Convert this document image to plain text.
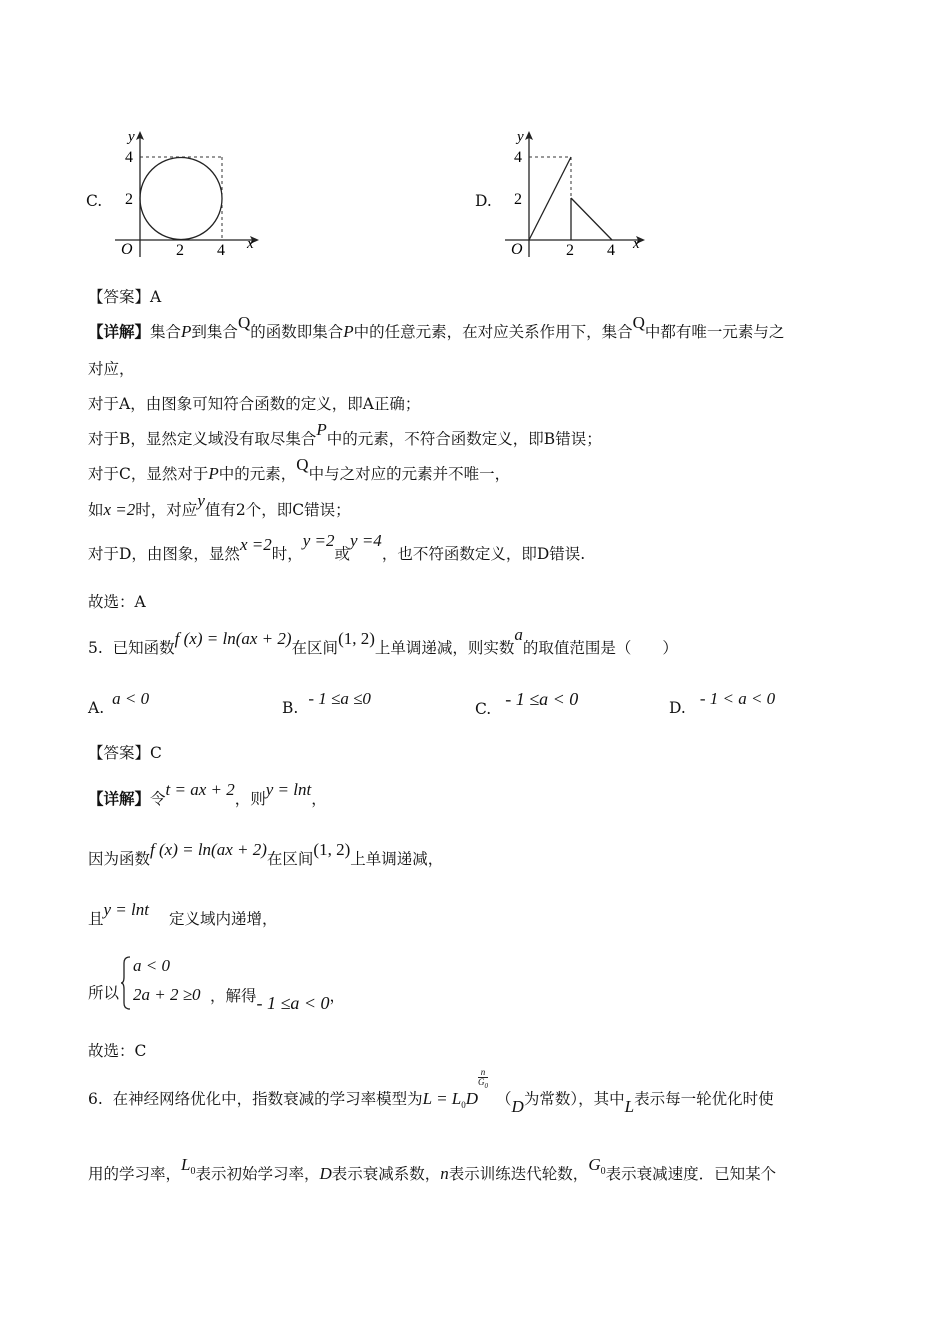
C.
y
x
O
4
2
2 4
D.
y
x
O
4
2
2 4
【答案】A
【详解】集合P到集合Q的函数即集合P中的任意元素，在对应关系作用下，集合Q中都有唯一元素与之
对应，
对于A，由图象可知符合函数的定义，即A正确；
对于B，显然定义域没有取尽集合P中的元素，不符合函数定义，即B错误；
对于C，显然对于P中的元素，Q中与之对应的元素并不唯一，
如x =2时，对应y值有2个，即C错误；
对于D，由图象，显然x =2时，y =2或y =4，也不符函数定义，即D错误.
故选：A
5. 已知函数f (x) = ln(ax + 2)在区间(1, 2)上单调递减，则实数a的取值范围是（　　）
A. a < 0	B. - 1 ≤a ≤0
C. - 1 ≤a < 0	D. - 1 < a < 0
【答案】C
【详解】令t = ax + 2，则y = lnt，
因为函数f (x) = ln(ax + 2)在区间(1, 2)上单调递减，
且y = lnt 定义域内递增，
所以
a < 0
2a + 2 ≥0 ，解得- 1 ≤a < 0，
故选：C
6. 在神经网络优化中，指数衰减的学习率模型为$L = L_0D$
n
$G_0(D$为常数），其中L表示每一轮优化时使
用的学习率，$L_0$表示初始学习率，D表示衰减系数，n表示训练迭代轮数，$G_0$表示衰减速度．已知某个
